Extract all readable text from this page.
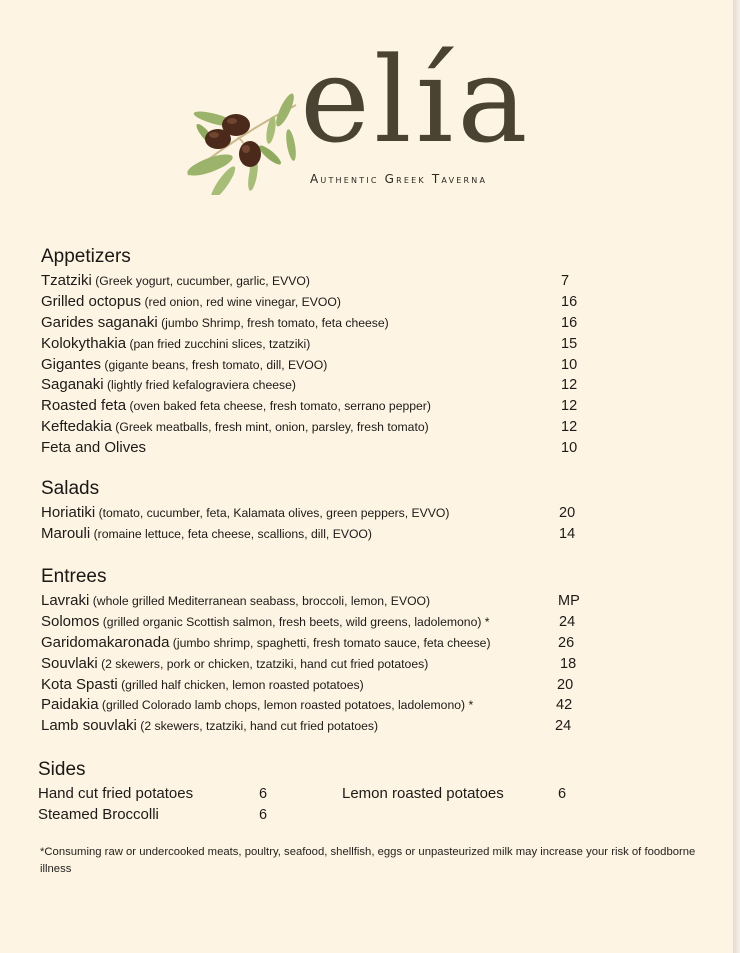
elía
Authentic Greek Taverna
Appetizers
Tzatziki (Greek yogurt, cucumber, garlic, EVVO)	7
Grilled octopus (red onion, red wine vinegar, EVOO)	16
Garides saganaki (jumbo Shrimp, fresh tomato, feta cheese)	16
Kolokythakia (pan fried zucchini slices, tzatziki)	15
Gigantes (gigante beans, fresh tomato, dill, EVOO)	10
Saganaki (lightly fried kefalograviera cheese)	12
Roasted feta (oven baked feta cheese, fresh tomato, serrano pepper)	12
Keftedakia (Greek meatballs, fresh mint, onion, parsley, fresh tomato)	12
Feta and Olives	10
Salads
Horiatiki (tomato, cucumber, feta, Kalamata olives, green peppers, EVVO)	20
Marouli (romaine lettuce, feta cheese, scallions, dill, EVOO)	14
Entrees
Lavraki (whole grilled Mediterranean seabass, broccoli, lemon, EVOO)	MP
Solomos (grilled organic Scottish salmon, fresh beets, wild greens, ladolemono) *	24
Garidomakaronada (jumbo shrimp, spaghetti, fresh tomato sauce, feta cheese)	26
Souvlaki (2 skewers, pork or chicken, tzatziki, hand cut fried potatoes)	18
Kota Spasti (grilled half chicken, lemon roasted potatoes)	20
Paidakia (grilled Colorado lamb chops, lemon roasted potatoes, ladolemono) *	42
Lamb souvlaki (2 skewers, tzatziki, hand cut fried potatoes)	24
Sides
Hand cut fried potatoes	6
Steamed Broccolli	6
Lemon roasted potatoes	6
*Consuming raw or undercooked meats, poultry, seafood, shellfish, eggs or unpasteurized milk may increase your risk of foodborne illness
